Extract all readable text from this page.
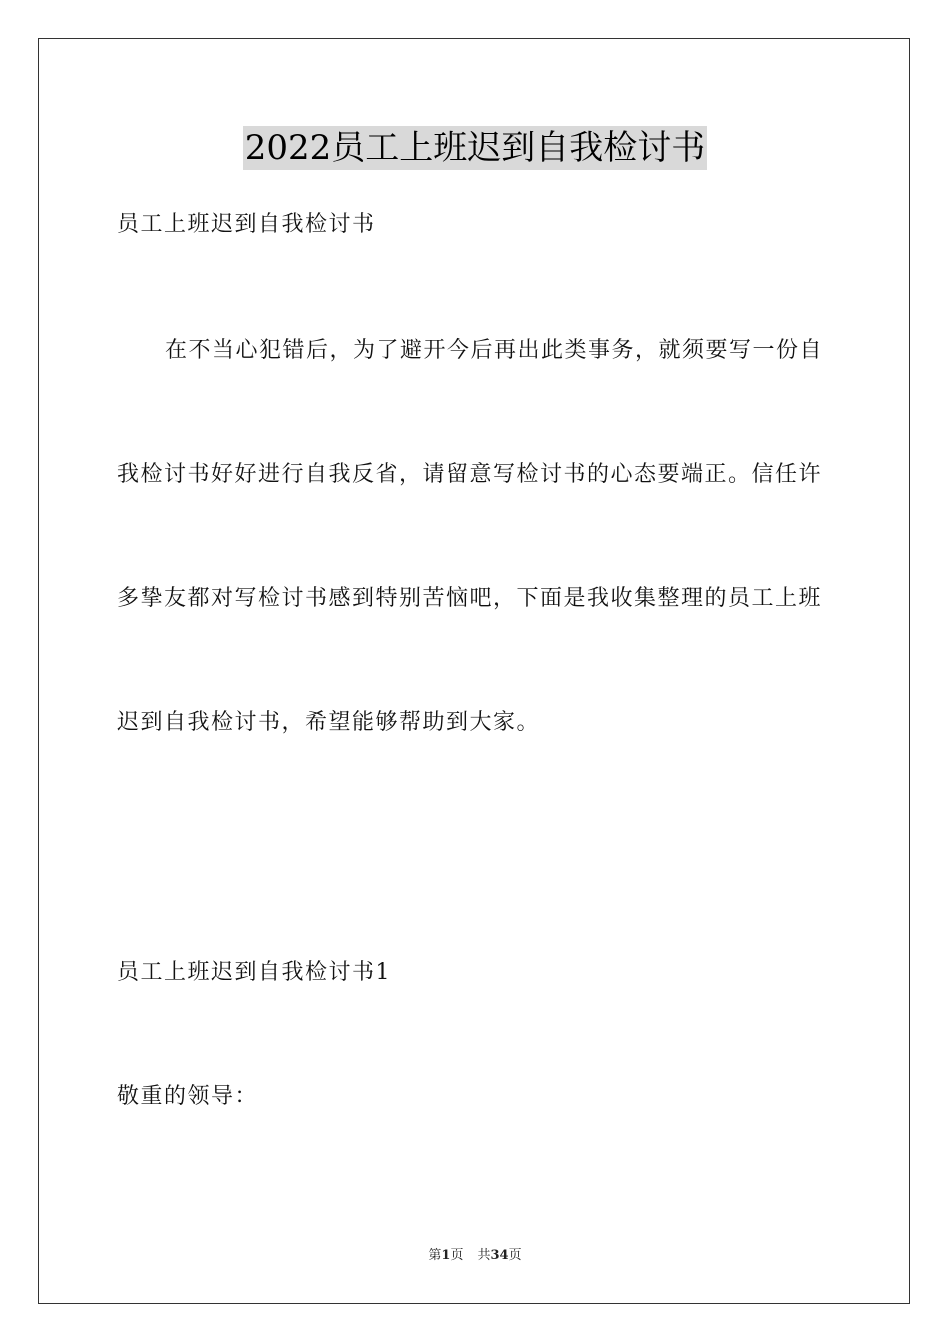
2022员工上班迟到自我检讨书
员工上班迟到自我检讨书
在不当心犯错后，为了避开今后再出此类事务，就须要写一份自
我检讨书好好进行自我反省，请留意写检讨书的心态要端正。信任许
多挚友都对写检讨书感到特别苦恼吧，下面是我收集整理的员工上班
迟到自我检讨书，希望能够帮助到大家。
员工上班迟到自我检讨书1
敬重的领导：
第1页 共34页
